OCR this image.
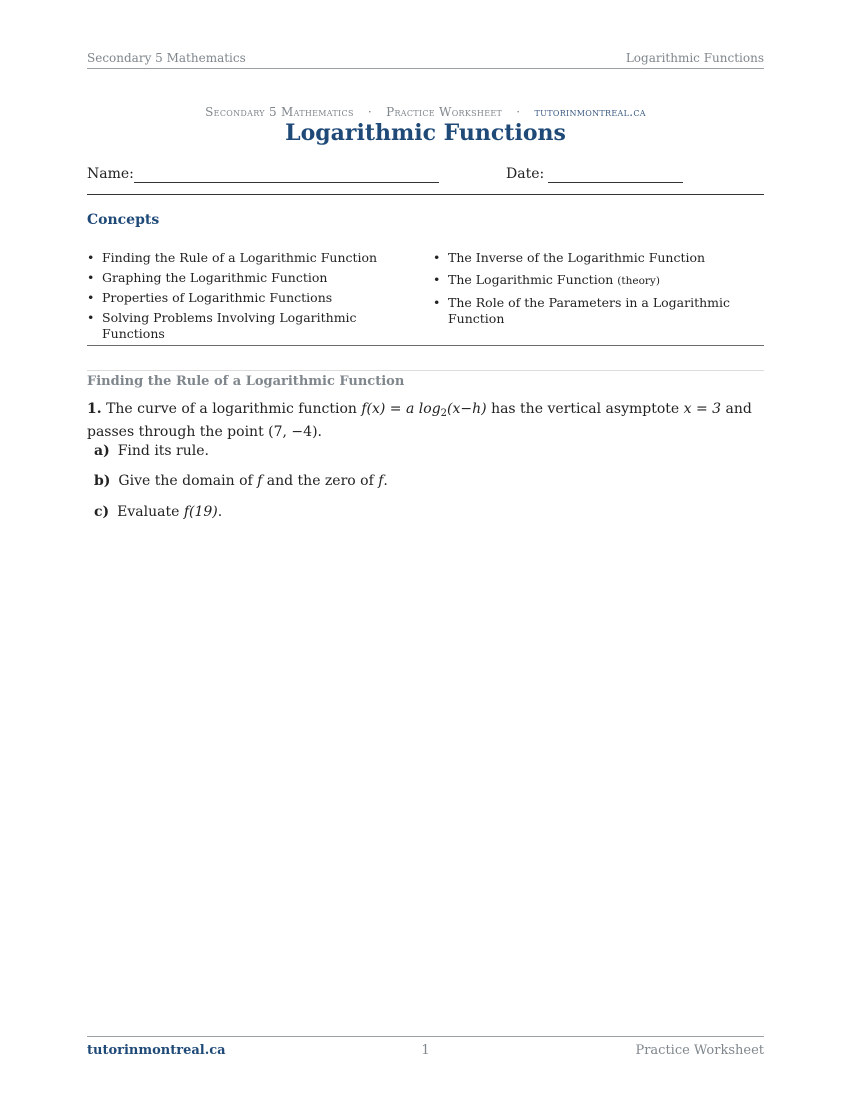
Secondary 5 Mathematics	Logarithmic Functions
Secondary 5 Mathematics · Practice Worksheet · tutorinmontreal.ca
Logarithmic Functions
Name:	Date:
Concepts
• Finding the Rule of a Logarithmic Function
• Graphing the Logarithmic Function
• Properties of Logarithmic Functions
• Solving Problems Involving Logarithmic Functions
• The Inverse of the Logarithmic Function
• The Logarithmic Function (theory)
• The Role of the Parameters in a Logarithmic Function
Finding the Rule of a Logarithmic Function
1. The curve of a logarithmic function f(x) = a $\log_2(x-h)$ has the vertical asymptote x = 3 and passes through the point (7, −4).
a) Find its rule.
b) Give the domain of f and the zero of f.
c) Evaluate f(19).
tutorinmontreal.ca	1	Practice Worksheet
